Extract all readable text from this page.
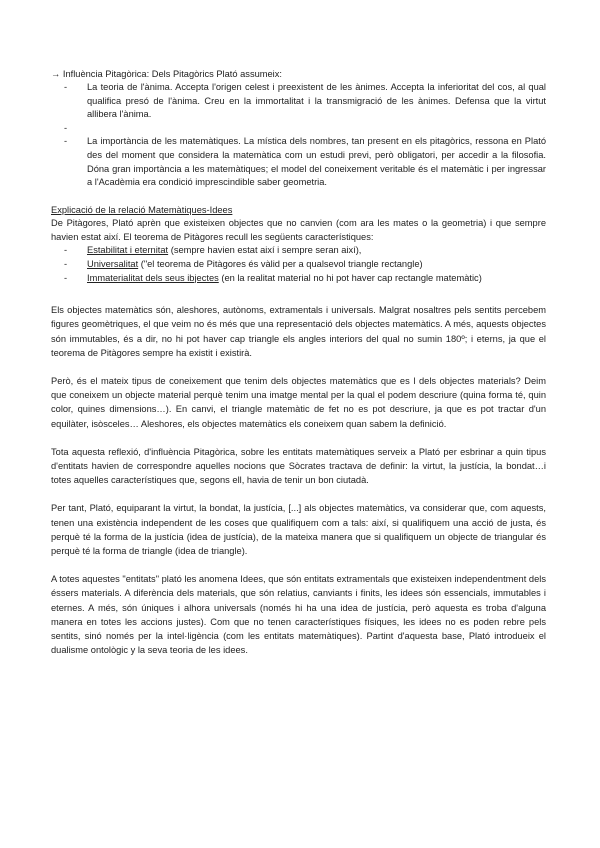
→ Influència Pitagòrica: Dels Pitagòrics Plató assumeix:

- La teoria de l'ànima. Accepta l'origen celest i preexistent de les ànimes. Accepta la inferioritat del cos, al qual qualifica presó de l'ànima. Creu en la immortalitat i la transmigració de les ànimes. Defensa que la virtut allibera l'ànima.
-
- La importància de les matemàtiques. La mística dels nombres, tan present en els pitagòrics, ressona en Plató des del moment que considera la matemàtica com un estudi previ, però obligatori, per accedir a la filosofia. Dóna gran importància a les matemàtiques; el model del coneixement veritable és el matemàtic i per ingressar a l'Acadèmia era condició imprescindible saber geometria.

Explicació de la relació Matemàtiques-Idees

De Pitàgores, Plató aprèn que existeixen objectes que no canvien (com ara les mates o la geometria) i que sempre havien estat així. El teorema de Pitàgores recull les següents característiques:

- Estabilitat i eternitat (sempre havien estat així i sempre seran així),
- Universalitat ("el teorema de Pitàgores és vàlid per a qualsevol triangle rectangle)
- Immaterialitat dels seus ibjectes (en la realitat material no hi pot haver cap rectangle matemàtic)

Els objectes matemàtics són, aleshores, autònoms, extramentals i universals. Malgrat nosaltres pels sentits percebem figures geomètriques, el que veim no és més que una representació dels objectes matemàtics. A més, aquests objectes són immutables, és a dir, no hi pot haver cap triangle els angles interiors del qual no sumin 180º; i eterns, ja que el teorema de Pitàgores sempre ha existit i existirà.

Però, és el mateix tipus de coneixement que tenim dels objectes matemàtics que es l dels objectes materials? Deim que coneixem un objecte material perquè tenim una imatge mental per la qual el podem descriure (quina forma té, quin color, quines dimensions…). En canvi, el triangle matemàtic de fet no es pot descriure, ja que es pot tractar d'un equilàter, isòsceles… Aleshores, els objectes matemàtics els coneixem quan sabem la definició.

Tota aquesta reflexió, d'influència Pitagòrica, sobre les entitats matemàtiques serveix a Plató per esbrinar a quin tipus d'entitats havien de correspondre aquelles nocions que Sòcrates tractava de definir: la virtut, la justícia, la bondat…i totes aquelles característiques que, segons ell, havia de tenir un bon ciutadà.

Per tant, Plató, equiparant la virtut, la bondat, la justícia, [...] als objectes matemàtics, va considerar que, com aquests, tenen una existència independent de les coses que qualifiquem com a tals: així, si qualifiquem una acció de justa, és perquè té la forma de la justícia (idea de justícia), de la mateixa manera que si qualifiquem un objecte de triangular és perquè té la forma de triangle (idea de triangle).

A totes aquestes "entitats" plató les anomena Idees, que són entitats extramentals que existeixen independentment dels éssers materials. A diferència dels materials, que són relatius, canviants i finits, les idees són essencials, immutables i eternes. A més, són úniques i alhora universals (només hi ha una idea de justícia, però aquesta es troba d'alguna manera en totes les accions justes). Com que no tenen característiques físiques, les idees no es poden rebre pels sentits, sinó només per la intel·ligència (com les entitats matemàtiques). Partint d'aquesta base, Plató introdueix el dualisme ontològic y la seva teoria de les idees.
